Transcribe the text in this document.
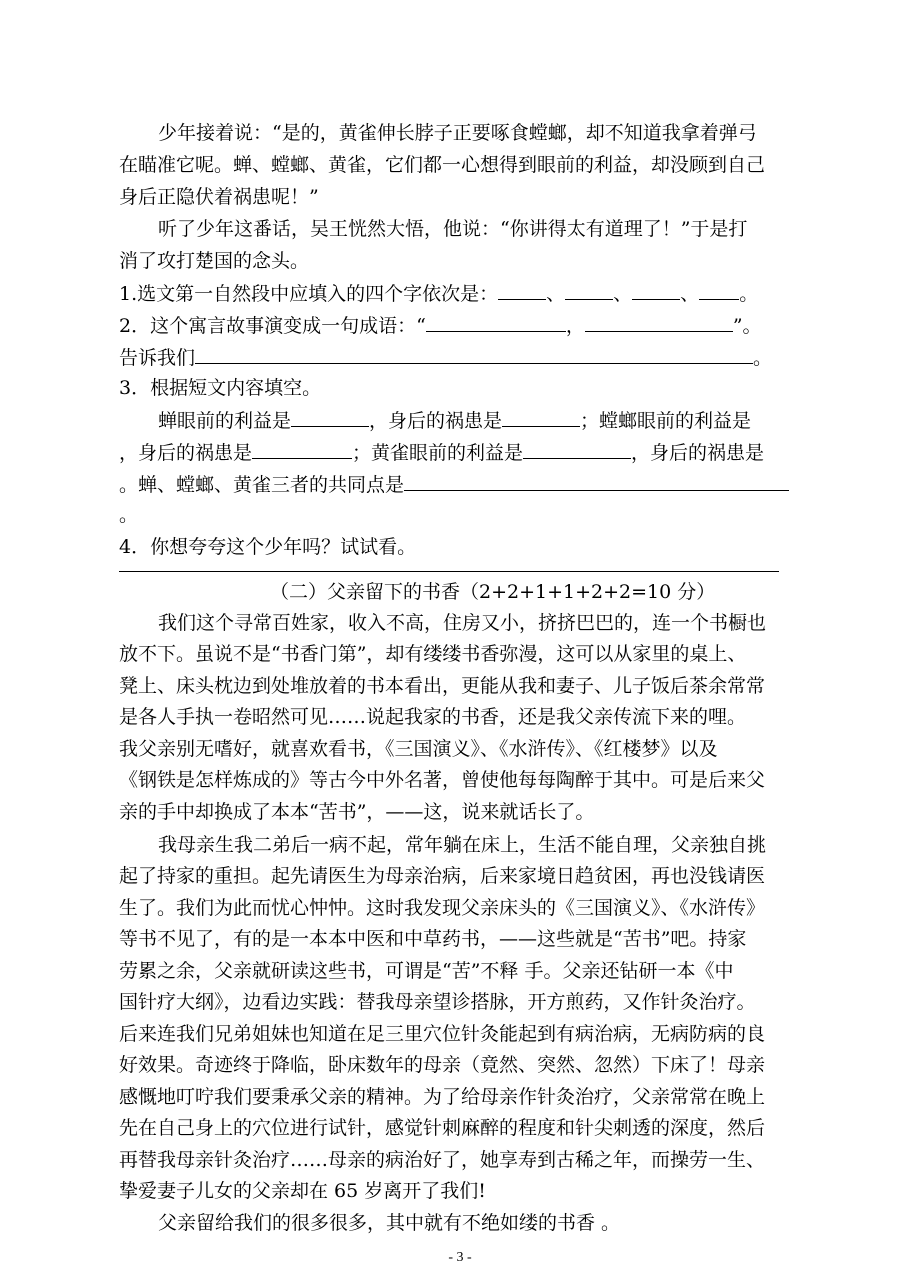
少年接着说：“是的，黄雀伸长脖子正要啄食螳螂，却不知道我拿着弹弓
在瞄准它呢。蝉、螳螂、黄雀，它们都一心想得到眼前的利益，却没顾到自己
身后正隐伏着祸患呢！”
听了少年这番话，吴王恍然大悟，他说：“你讲得太有道理了！”于是打
消了攻打楚国的念头。
1.选文第一自然段中应填入的四个字依次是：	、	、	、 。
2．这个寓言故事演变成一句成语：“	，	”。
告诉我们	。
3．根据短文内容填空。
蝉眼前的利益是	，身后的祸患是	；螳螂眼前的利益是
，身后的祸患是	；黄雀眼前的利益是	，身后的祸患是
。蝉、螳螂、黄雀三者的共同点是
。
4．你想夸夸这个少年吗？试试看。
（二）父亲留下的书香（2+2+1+1+2+2=10 分）
我们这个寻常百姓家，收入不高，住房又小，挤挤巴巴的，连一个书橱也
放不下。虽说不是“书香门第”，却有缕缕书香弥漫，这可以从家里的桌上、
凳上、床头枕边到处堆放着的书本看出，更能从我和妻子、儿子饭后茶余常常
是各人手执一卷昭然可见……说起我家的书香，还是我父亲传流下来的哩。
我父亲别无嗜好，就喜欢看书，《三国演义》、《水浒传》、《红楼梦》以及
《钢铁是怎样炼成的》等古今中外名著，曾使他每每陶醉于其中。可是后来父
亲的手中却换成了本本“苦书”，——这，说来就话长了。
我母亲生我二弟后一病不起，常年躺在床上，生活不能自理，父亲独自挑
起了持家的重担。起先请医生为母亲治病，后来家境日趋贫困，再也没钱请医
生了。我们为此而忧心忡忡。这时我发现父亲床头的《三国演义》、《水浒传》
等书不见了，有的是一本本中医和中草药书，——这些就是“苦书”吧。持家
劳累之余，父亲就研读这些书，可谓是“苦”不释 手。父亲还钻研一本《中
国针疗大纲》，边看边实践：替我母亲望诊搭脉，开方煎药，又作针灸治疗。
后来连我们兄弟姐妹也知道在足三里穴位针灸能起到有病治病，无病防病的良
好效果。奇迹终于降临，卧床数年的母亲（竟然、突然、忽然）下床了！母亲
感慨地叮咛我们要秉承父亲的精神。为了给母亲作针灸治疗，父亲常常在晚上
先在自己身上的穴位进行试针，感觉针刺麻醉的程度和针尖刺透的深度，然后
再替我母亲针灸治疗……母亲的病治好了，她享寿到古稀之年，而操劳一生、
挚爱妻子儿女的父亲却在 65 岁离开了我们!
父亲留给我们的很多很多，其中就有不绝如缕的书香 。
- 3 -
